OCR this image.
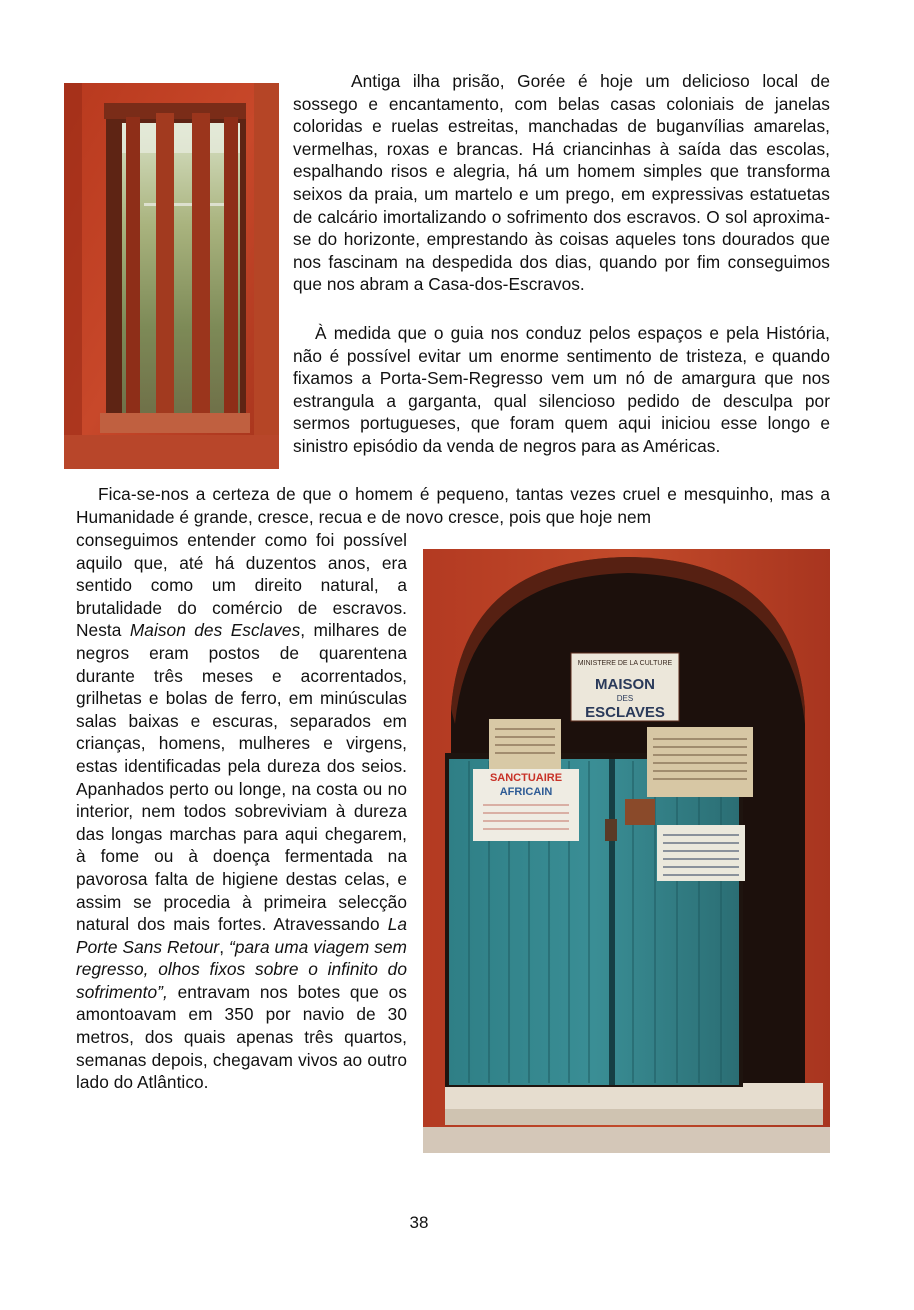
MINISTERE DE LA CULTURE
MAISON
DES
ESCLAVES
SANCTUAIRE
AFRICAIN

Antiga ilha prisão, Gorée é hoje um delicioso local de sossego e encantamento, com belas casas coloniais de janelas coloridas e ruelas estreitas, manchadas de buganvílias amarelas, vermelhas, roxas e brancas. Há criancinhas à saída das escolas, espalhando risos e alegria, há um homem simples que transforma seixos da praia, um martelo e um prego, em expressivas estatuetas de calcário imortalizando o sofrimento dos escravos. O sol aproxima-se do horizonte, emprestando às coisas aqueles tons dourados que nos fascinam na despedida dos dias, quando por fim conseguimos que nos abram a Casa-dos-Escravos.

À medida que o guia nos conduz pelos espaços e pela História, não é possível evitar um enorme sentimento de tristeza, e quando fixamos a Porta-Sem-Regresso vem um nó de amargura que nos estrangula a garganta, qual silencioso pedido de desculpa por sermos portugueses, que foram quem aqui iniciou esse longo e sinistro episódio da venda de negros para as Américas.

Fica-se-nos a certeza de que o homem é pequeno, tantas vezes cruel e mesquinho, mas a Humanidade é grande, cresce, recua e de novo cresce, pois que hoje nem

conseguimos entender como foi possível aquilo que, até há duzentos anos, era sentido como um direito natural, a brutalidade do comércio de escravos. Nesta Maison des Esclaves, milhares de negros eram postos de quarentena durante três meses e acorrentados, grilhetas e bolas de ferro, em minúsculas salas baixas e escuras, separados em crianças, homens, mulheres e virgens, estas identificadas pela dureza dos seios. Apanhados perto ou longe, na costa ou no interior, nem todos sobreviviam à dureza das longas marchas para aqui chegarem, à fome ou à doença fermentada na pavorosa falta de higiene destas celas, e assim se procedia à primeira selecção natural dos mais fortes. Atravessando La Porte Sans Retour, “para uma viagem sem regresso, olhos fixos sobre o infinito do sofrimento”, entravam nos botes que os amontoavam em 350 por navio de 30 metros, dos quais apenas três quartos, semanas depois, chegavam vivos ao outro lado do Atlântico.

38
